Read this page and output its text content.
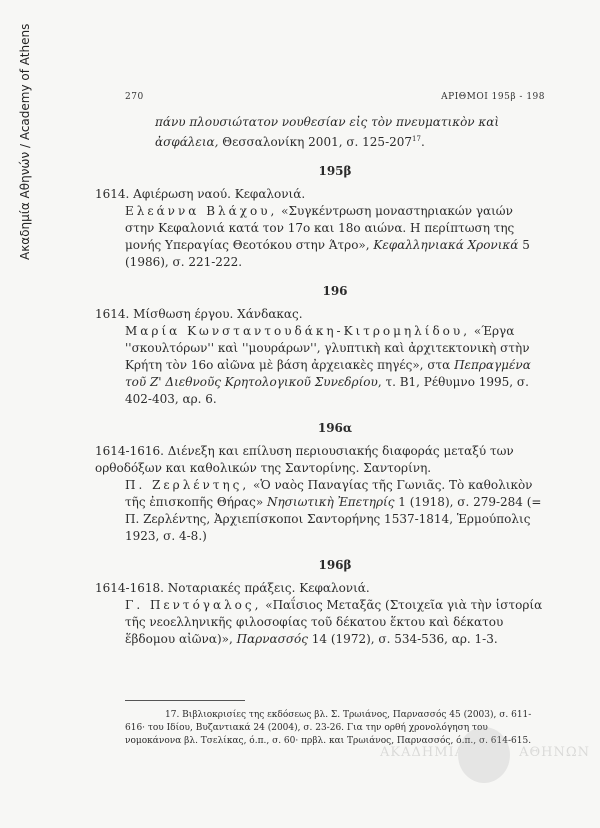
Ακαδημία Αθηνών / Academy of Athens	270	ΑΡΙΘΜΟΙ 195β - 198
πάνυ πλουσιώτατον νουθεσίαν εἰς τὸν πνευματικὸν καὶ ἀσφάλεια, Θεσσαλονίκη 2001, σ. $125-207^{17}$.
195β
1614. Αφιέρωση ναού. Κεφαλονιά.
Ελεάννα Βλάχου, «Συγκέντρωση μοναστηριακών γαιών στην Κεφαλονιά κατά τον 17ο και 18ο αιώνα. Η περίπτωση της μονής Υπεραγίας Θεοτόκου στην Άτρο», Κεφαλληνιακά Χρονικά 5 (1986), σ. 221-222.
196
1614. Μίσθωση έργου. Χάνδακας.
Μαρία Κωνσταντουδάκη-Κιτρομηλίδου, «Έργα ''σκουλτόρων'' καὶ ''μουράρων'', γλυπτικὴ καὶ ἀρχιτεκτονικὴ στὴν Κρήτη τὸν 16ο αἰῶνα μὲ βάση ἀρχειακὲς πηγές», στα Πεπραγμένα τοῦ Ζ' Διεθνοῦς Κρητολογικοῦ Συνεδρίου, τ. Β1, Ρέθυμνο 1995, σ. 402-403, αρ. 6.
196α
1614-1616. Διένεξη και επίλυση περιουσιακής διαφοράς μεταξύ των ορθοδόξων και καθολικών της Σαντορίνης. Σαντορίνη.
Π. Ζερλέντης, «Ὁ ναὸς Παναγίας τῆς Γωνιᾶς. Τὸ καθολικὸν τῆς ἐπισκοπῆς Θήρας» Νησιωτικὴ Ἐπετηρίς 1 (1918), σ. 279-284 (= Π. Ζερλέντης, Ἀρχιεπίσκοποι Σαντορήνης 1537-1814, Ἑρμούπολις 1923, σ. 4-8.)
196β
1614-1618. Νοταριακές πράξεις. Κεφαλονιά.
Γ. Πεντόγαλος, «Παΐσιος Μεταξᾶς (Στοιχεῖα γιὰ τὴν ἱστορία τῆς νεοελληνικῆς φιλοσοφίας τοῦ δέκατου ἕκτου καὶ δέκατου ἕβδομου αἰῶνα)», Παρνασσός 14 (1972), σ. 534-536, αρ. 1-3.
17. Βιβλιοκρισίες της εκδόσεως βλ. Σ. Τρωιάνος, Παρνασσός 45 (2003), σ. 611-616· του Ιδίου, Βυζαντιακά 24 (2004), σ. 23-26. Για την ορθή χρονολόγηση του νομοκάνονα βλ. Τσελίκας, ό.π., σ. 60· πρβλ. και Τρωιάνος, Παρνασσός, ό.π., σ. 614-615.
ΑΚΑΔΗΜΙΑ	ΑΘΗΝΩΝ
